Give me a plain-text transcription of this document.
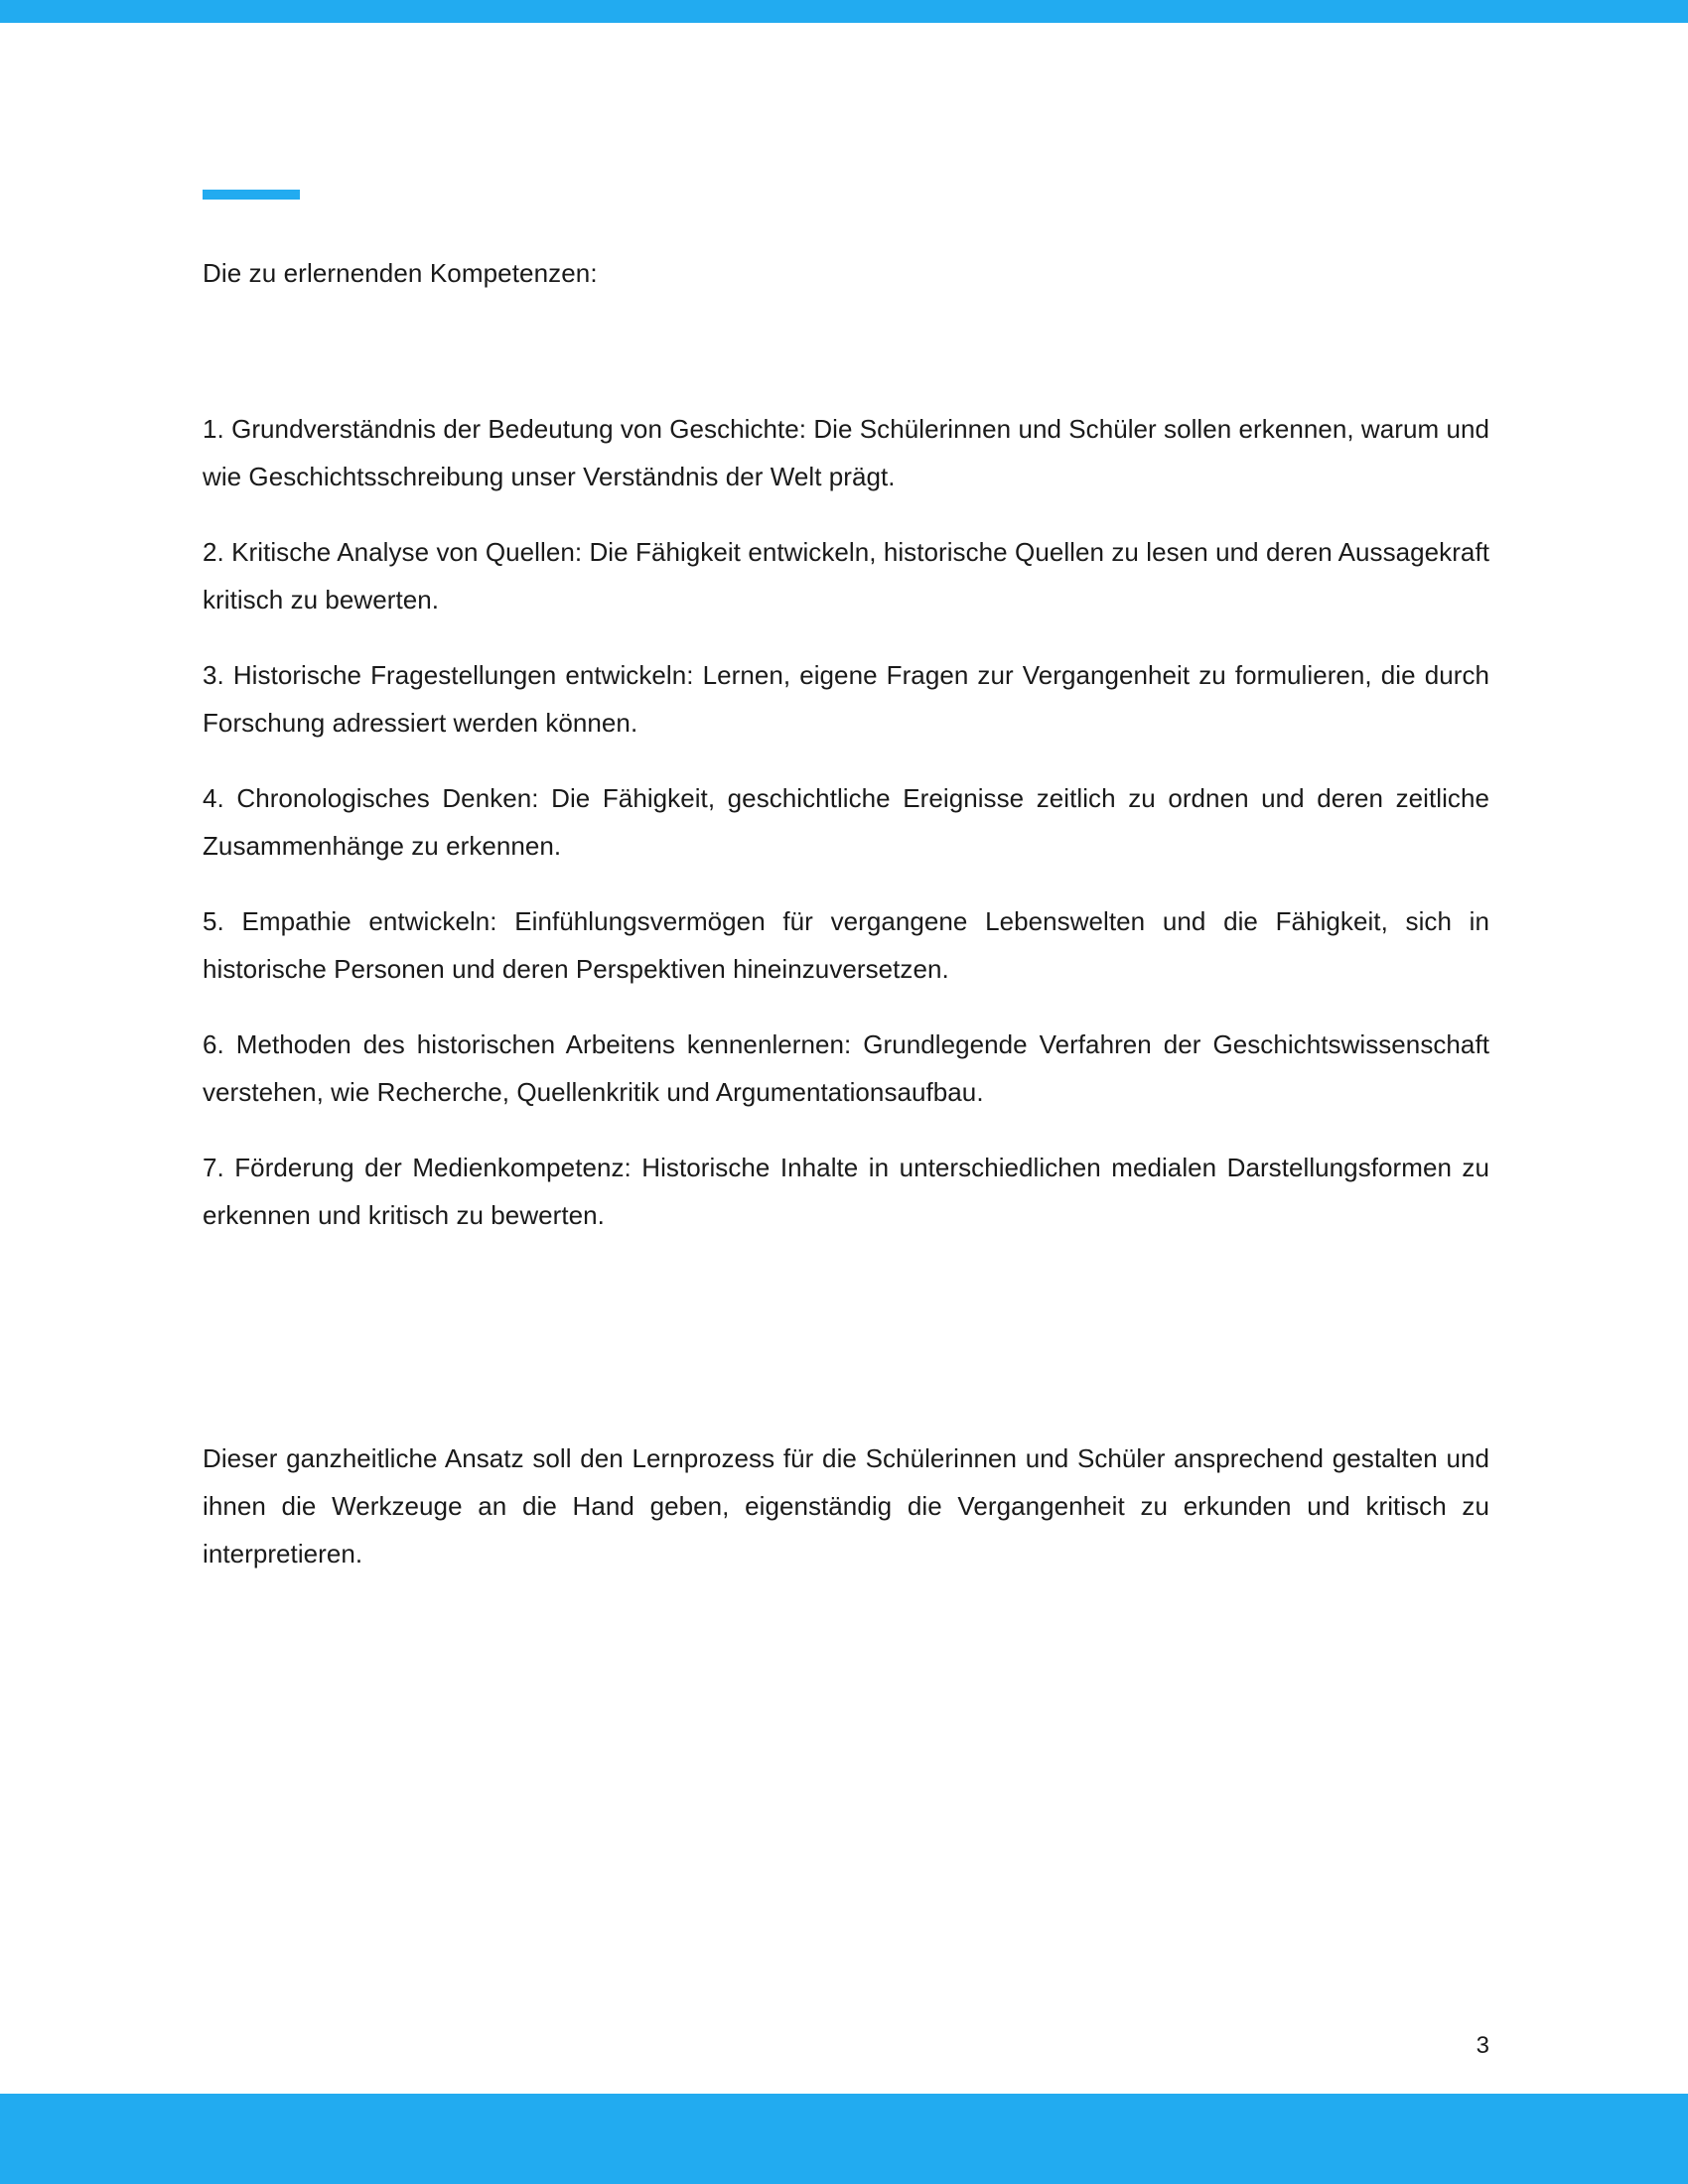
Die zu erlernenden Kompetenzen:

1. Grundverständnis der Bedeutung von Geschichte: Die Schülerinnen und Schüler sollen erkennen, warum und wie Geschichtsschreibung unser Verständnis der Welt prägt.

2. Kritische Analyse von Quellen: Die Fähigkeit entwickeln, historische Quellen zu lesen und deren Aussagekraft kritisch zu bewerten.

3. Historische Fragestellungen entwickeln: Lernen, eigene Fragen zur Vergangenheit zu formulieren, die durch Forschung adressiert werden können.

4. Chronologisches Denken: Die Fähigkeit, geschichtliche Ereignisse zeitlich zu ordnen und deren zeitliche Zusammenhänge zu erkennen.

5. Empathie entwickeln: Einfühlungsvermögen für vergangene Lebenswelten und die Fähigkeit, sich in historische Personen und deren Perspektiven hineinzuversetzen.

6. Methoden des historischen Arbeitens kennenlernen: Grundlegende Verfahren der Geschichtswissenschaft verstehen, wie Recherche, Quellenkritik und Argumentationsaufbau.

7. Förderung der Medienkompetenz: Historische Inhalte in unterschiedlichen medialen Darstellungsformen zu erkennen und kritisch zu bewerten.

Dieser ganzheitliche Ansatz soll den Lernprozess für die Schülerinnen und Schüler ansprechend gestalten und ihnen die Werkzeuge an die Hand geben, eigenständig die Vergangenheit zu erkunden und kritisch zu interpretieren.
3
